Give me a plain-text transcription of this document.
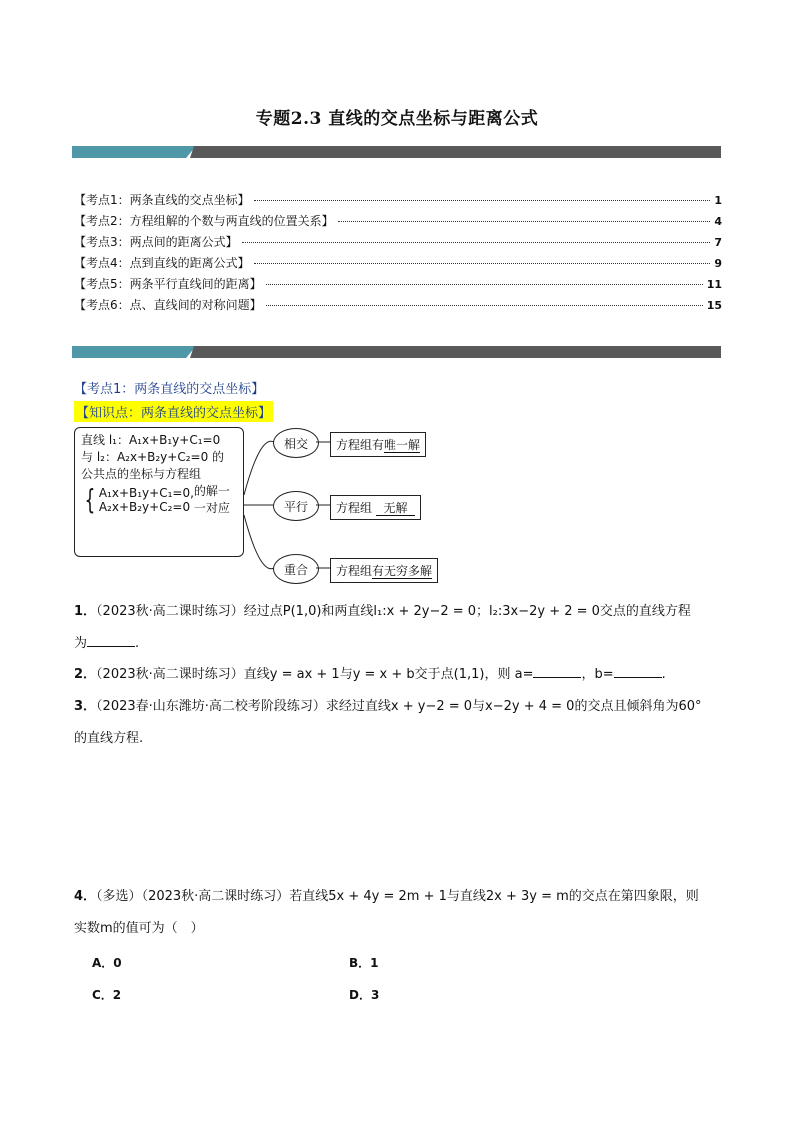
专题2.3 直线的交点坐标与距离公式
【考点1：两条直线的交点坐标】	1
【考点2：方程组解的个数与两直线的位置关系】	4
【考点3：两点间的距离公式】	7
【考点4：点到直线的距离公式】	9
【考点5：两条平行直线间的距离】	11
【考点6：点、直线间的对称问题】	15
【考点1：两条直线的交点坐标】
【知识点：两条直线的交点坐标】
直线 l₁：A₁x+B₁y+C₁=0
与 l₂：A₂x+B₂y+C₂=0 的
公共点的坐标与方程组
{ A₁x+B₁y+C₁=0,
A₂x+B₂y+C₂=0
的解一一对应
相交	方程组有唯一解
平行	方程组   无解
重合	方程组有无穷多解
1．（2023秋·高二课时练习）经过点P(1,0)和两直线l₁:x + 2y−2 = 0；l₂:3x−2y + 2 = 0交点的直线方程
为	.
2．（2023秋·高二课时练习）直线y = ax + 1与y = x + b交于点(1,1)，则 a=	，b=	.
3．（2023春·山东潍坊·高二校考阶段练习）求经过直线x + y−2 = 0与x−2y + 4 = 0的交点且倾斜角为60°
的直线方程.
4．（多选）（2023秋·高二课时练习）若直线5x + 4y = 2m + 1与直线2x + 3y = m的交点在第四象限，则
实数m的值可为（　）
A．0	B．1
C．2	D．3
